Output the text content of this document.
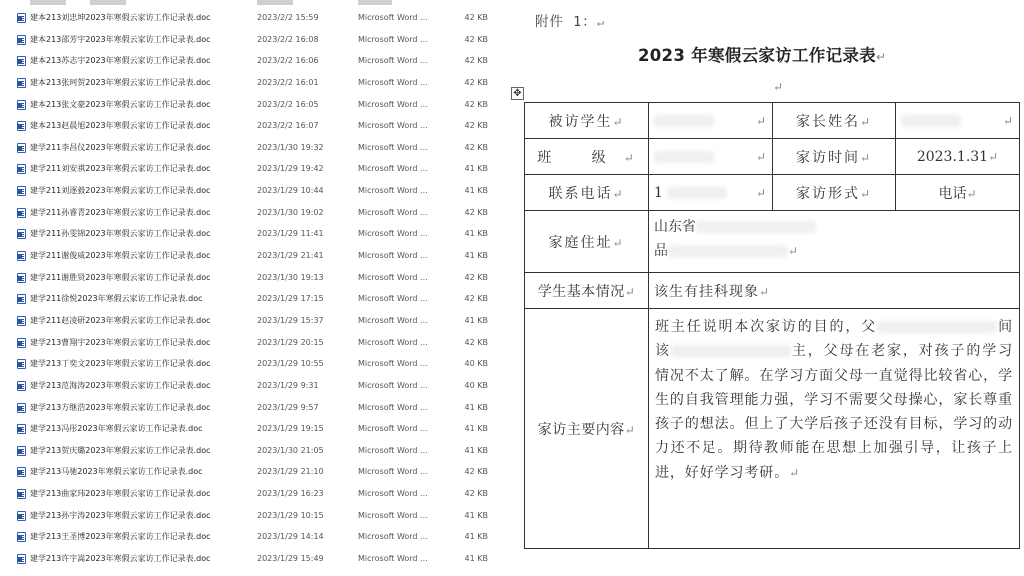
建本213刘忠坤2023年寒假云家访工作记录表.doc	2023/2/2 15:59	Microsoft Word ...	42 KB
建本213邵芳宇2023年寒假云家访工作记录表.doc	2023/2/2 16:08	Microsoft Word ...	42 KB
建本213苏志宇2023年寒假云家访工作记录表.doc	2023/2/2 16:06	Microsoft Word ...	42 KB
建本213张珂贺2023年寒假云家访工作记录表.doc	2023/2/2 16:01	Microsoft Word ...	42 KB
建本213张文豪2023年寒假云家访工作记录表.doc	2023/2/2 16:05	Microsoft Word ...	42 KB
建本213赵晨旭2023年寒假云家访工作记录表.doc	2023/2/2 16:07	Microsoft Word ...	42 KB
建学211李昌仪2023年寒假云家访工作记录表.doc	2023/1/30 19:32	Microsoft Word ...	42 KB
建学211刘安祺2023年寒假云家访工作记录表.doc	2023/1/29 19:42	Microsoft Word ...	41 KB
建学211刘逐毅2023年寒假云家访工作记录表.doc	2023/1/29 10:44	Microsoft Word ...	41 KB
建学211孙睿青2023年寒假云家访工作记录表.doc	2023/1/30 19:02	Microsoft Word ...	42 KB
建学211孙雯锦2023年寒假云家访工作记录表.doc	2023/1/29 11:41	Microsoft Word ...	41 KB
建学211谢俊威2023年寒假云家访工作记录表.doc	2023/1/29 21:41	Microsoft Word ...	41 KB
建学211谢胜贤2023年寒假云家访工作记录表.doc	2023/1/30 19:13	Microsoft Word ...	42 KB
建学211徐悦2023年寒假云家访工作记录表.doc	2023/1/29 17:15	Microsoft Word ...	42 KB
建学211赵凌研2023年寒假云家访工作记录表.doc	2023/1/29 15:37	Microsoft Word ...	41 KB
建学213曹翔宇2023年寒假云家访工作记录表.doc	2023/1/29 20:15	Microsoft Word ...	42 KB
建学213丁奕文2023年寒假云家访工作记录表.doc	2023/1/29 10:55	Microsoft Word ...	40 KB
建学213范海涛2023年寒假云家访工作记录表.doc	2023/1/29 9:31	Microsoft Word ...	40 KB
建学213方继浩2023年寒假云家访工作记录表.doc	2023/1/29 9:57	Microsoft Word ...	41 KB
建学213冯彤2023年寒假云家访工作记录表.doc	2023/1/29 19:15	Microsoft Word ...	41 KB
建学213贺庆璐2023年寒假云家访工作记录表.doc	2023/1/30 21:05	Microsoft Word ...	41 KB
建学213马驰2023年寒假云家访工作记录表.doc	2023/1/29 21:10	Microsoft Word ...	42 KB
建学213曲家玮2023年寒假云家访工作记录表.doc	2023/1/29 16:23	Microsoft Word ...	42 KB
建学213孙宇涛2023年寒假云家访工作记录表.doc	2023/1/29 10:15	Microsoft Word ...	41 KB
建学213王圣博2023年寒假云家访工作记录表.doc	2023/1/29 14:14	Microsoft Word ...	41 KB
建学213许宇嵩2023年寒假云家访工作记录表.doc	2023/1/29 15:49	Microsoft Word ...	41 KB
附件 1：↵
2023 年寒假云家访工作记录表↵
✥	↵
被访学生↵	↵	家长姓名↵	↵

班 级↵	↵	家访时间↵	2023.1.31↵
联系电话↵	1 ↵	家访形式↵	电话↵
家庭住址↵	山东省
品 ↵		

学生基本情况↵	该生有挂科现象↵		
家访主要内容↵	班主任说明本次家访的目的，父 间该 主，父母在老家，对孩子的学习情况不太了解。在学习方面父母一直觉得比较省心，学生的自我管理能力强，学习不需要父母操心，家长尊重孩子的想法。但上了大学后孩子还没有目标，学习的动力还不足。期待教师能在思想上加强引导，让孩子上进，好好学习考研。↵		
